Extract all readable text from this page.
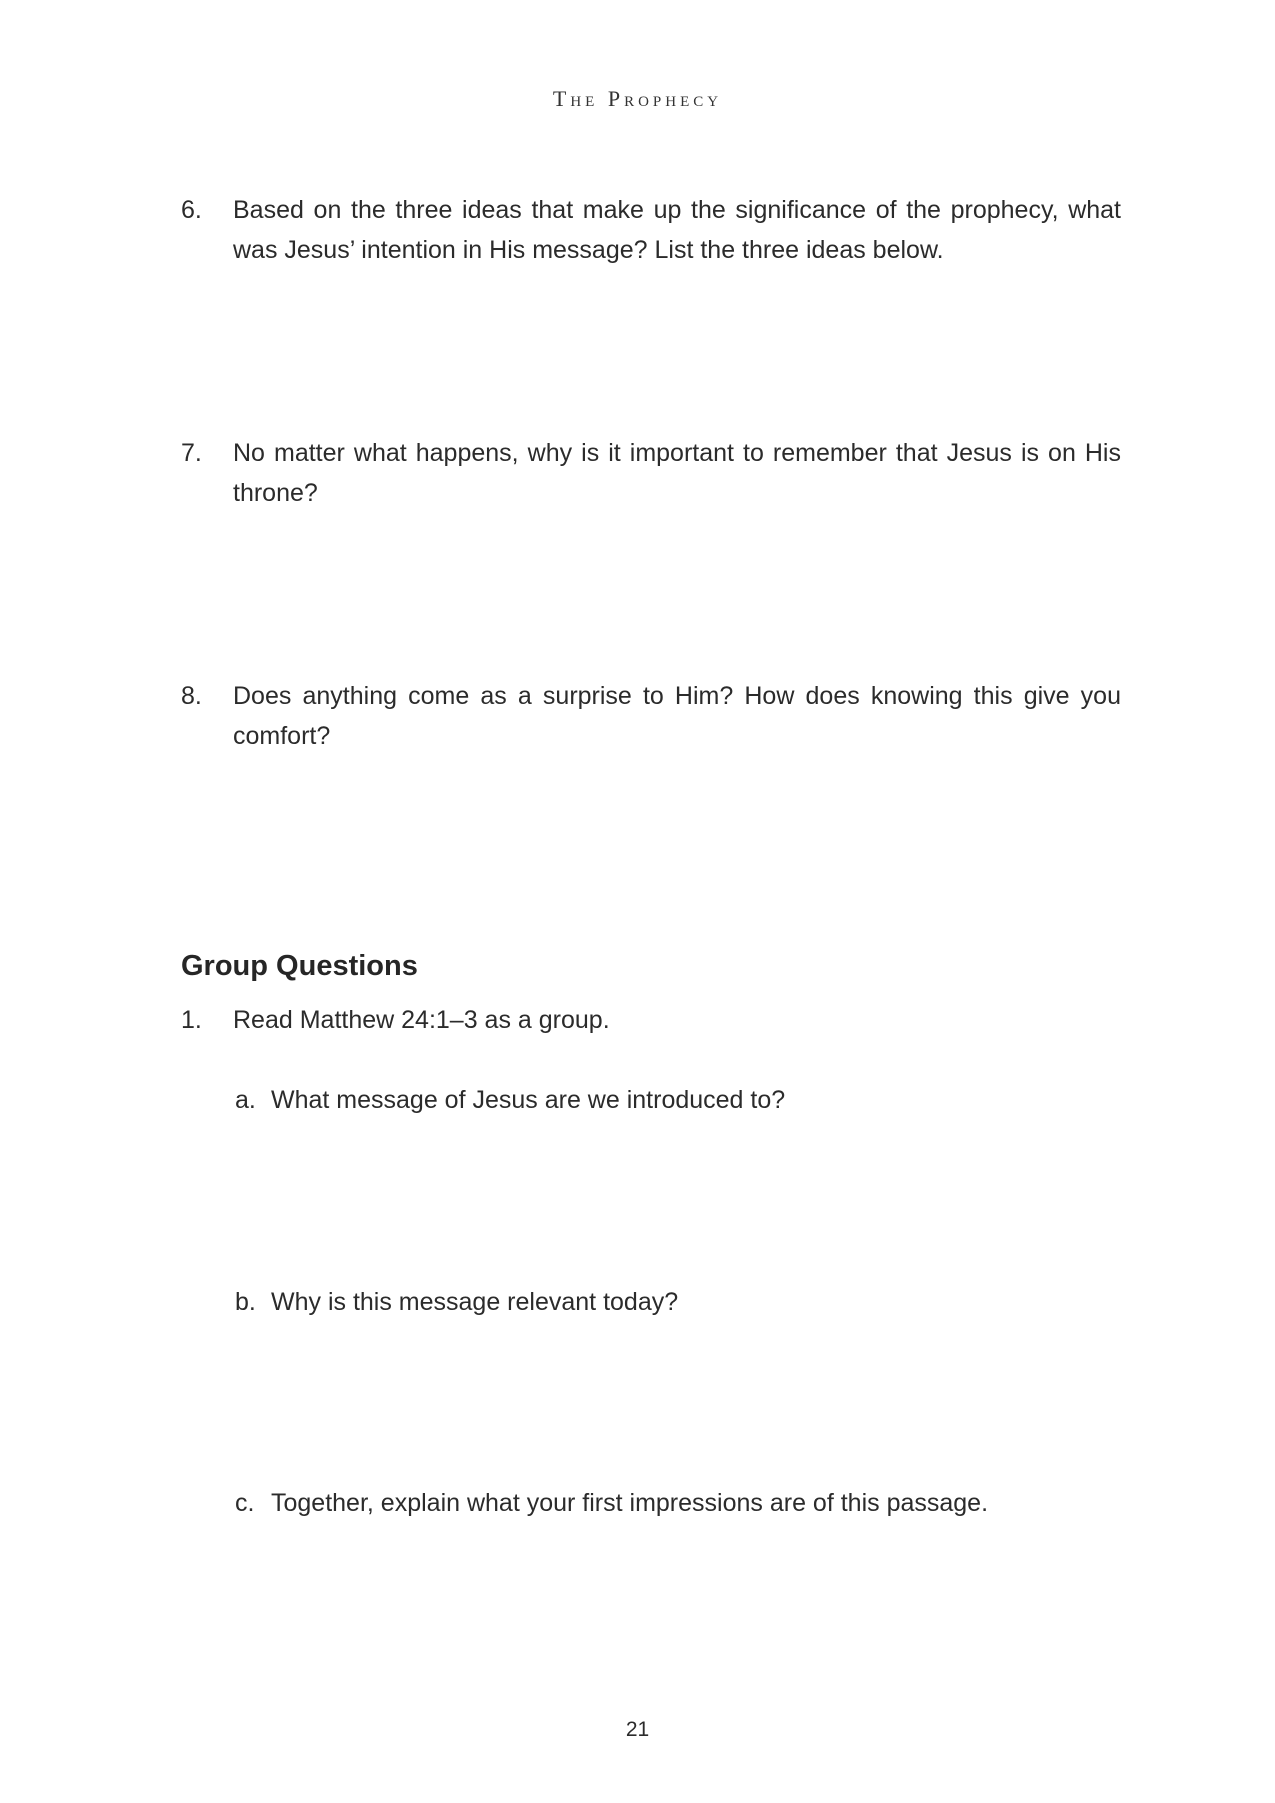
The Prophecy
6. Based on the three ideas that make up the significance of the prophecy, what was Jesus’ intention in His message? List the three ideas below.
7. No matter what happens, why is it important to remember that Jesus is on His throne?
8. Does anything come as a surprise to Him? How does knowing this give you comfort?
Group Questions
1. Read Matthew 24:1–3 as a group.
a. What message of Jesus are we introduced to?
b. Why is this message relevant today?
c. Together, explain what your first impressions are of this passage.
21
